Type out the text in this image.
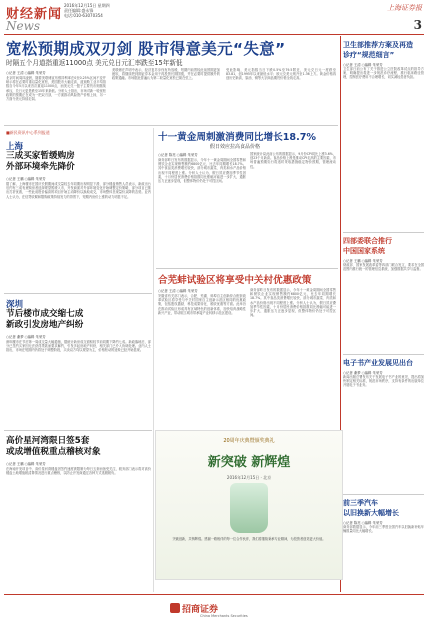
财经新闻
2016年12月15日 星期四
责任编辑:盛永锋
电话:010-63070354
上海证券报
News	3
宽松预期成双刃剑 股市得意美元“失意”
时隔五个月道指重返11000点 美元兑日元汇率跌至15年新低
○记者 王清 ○编辑 朱荣芳
北京时间周四凌晨，随着美联储宣布维持利率在0至0.25%区间不变并暗示将在必要时重启量化宽松，美国股市大幅走高，道琼斯工业平均指数自今年5月以来首次重返11000点，而美元兑一篮子主要货币则继续承压，兑日元更是跌至15年来新低。分析人士指出，市场对新一轮宽松政策的预期正在成为一把双刃剑，一方面推动风险资产价格上扬，另一方面令美元持续走弱。
美联储在声明中表示，经济复苏步伐有所放缓，短期内前景较此前预期更加疲软，将继续把到期证券本金用于再投资长期国债，并在必要时提供额外的政策通融。市场据此普遍认为第二轮量化宽松已箭在弦上。
受此影响，美元指数当日下跌0.5%至79.5附近，美元兑日元一度跌至83.81，创1995年以来最低水平；欧元兑美元则升至1.36上方。黄金价格再创历史新高，原油、铜等大宗商品期货价格全线走高。
■新民资讯中心系列报道
上海
三成买家暂缓购房
外部环境牵先降价
○记者 王鹏 ○编辑 朱荣芳
据了解，上海楼市在国庆长假期间成交量较去年同期出现明显下滑，部分楼盘销售人员表示，新政出台后约有三成有意购房者选择观望暂缓入市，开发商面对外部环境变化开始调整定价策略，部分项目已推出打折优惠，一些此前报价偏高的项目开始主动降价以换取成交，市场整体呈现量价双降的态势。业内人士认为，在信贷收紧和限购政策持续发力的背景下，短期内房价上涨的动力明显不足。
深圳
节后楼市成交缩七成
新政引发房地产纠纷
○记者 谢梦 ○编辑 朱荣芳
深圳楼市在节后第一周成交量大幅萎缩，据统计新房成交面积较节前同期下降约七成。新政落地后，部分已签约买家因无法获得贷款而要求解约，引发多起房地产纠纷，相关部门已介入协调处理。业内人士指出，市场在短期内仍将处于调整阶段，买卖双方均以观望为主，价格松动的迹象已经开始显现。
高价星河湾限日签5套
或成增值税重点稽核对象
○记者 王鹏 ○编辑 朱荣芳
在海南开发项目中，高价星河湾楼盘因签约速度被限制为每日五套而备受关注，税务部门表示将对高价楼盘土地增值税清算情况进行重点稽核，以防止开发商通过各种方式逃避税负。
十一黄金周刺激消费同比增长18.7%
假日效应拉高食品价格
○记者 陈亮 ○编辑 朱荣芳
商务部昨日发布的数据显示，今年十一黄金周期间全国零售和餐饮企业实现销售额约6800亿元，比去年同期增长18.7%。其中食品类消费增长较快，部分城市蔬菜、肉类和水产品价格出现不同程度上涨。分析人士认为，假日效应叠加季节性因素，十月份居民消费价格指数同比涨幅可能进一步扩大，通胀压力正逐步显现，但整体物价仍处于可控区间。
国家统计局此前公布的数据显示，9月份CPI同比上涨3.6%，创23个月新高。食品价格上涨是推动CPI走高的主要因素，市场普遍预期央行将适时采取措施稳定物价预期，管理流动性。
合芜蚌试验区将享受中关村优惠政策
○记者 王清 ○编辑 朱荣芳
安徽省有关部门表示，合肥、芜湖、蚌埠自主创新综合配套改革试验区将享受与中关村国家自主创新示范区相同的优惠政策，包括股权激励、科技成果转化、税收优惠等方面。此举旨在推动试验区形成具有区域特色的创新体系，加快培育战略性新兴产业，带动皖江城市带承接产业转移示范区建设。
商务部昨日发布的数据显示，今年十一黄金周期间全国零售和餐饮企业实现销售额约6800亿元，比去年同期增长18.7%。其中食品类消费增长较快，部分城市蔬菜、肉类和水产品价格出现不同程度上涨。分析人士认为，假日效应叠加季节性因素，十月份居民消费价格指数同比涨幅可能进一步扩大，通胀压力正逐步显现，但整体物价仍处于可控区间。
20周年庆典暨颁奖典礼
新突破 新辉煌
2016年12月15日 · 北京
突破创新，共铸辉煌。感谢一路相伴的每一位合作伙伴，我们将继续秉承专业精神，为投资者创造更大价值。
卫生部推荐方案及再造
诊疗“规范细言”
○记者 王清 ○编辑 朱荣芳
卫生部日前公布了关于推进公立医院改革试点的指导方案，明确提出将进一步规范诊疗流程，推行临床路径管理，控制医疗费用不合理增长，切实减轻患者负担。
四部委联合推行
中国国家系统
○记者 王鹏 ○编辑 朱荣芳
财政部、国家发展改革委等四部门联合发文，要求在全国范围内推行统一的管理信息系统，加强数据共享与监督。
电子书产业发展见出台
○记者 谢梦 ○编辑 朱荣芳
新闻出版总署发布关于发展电子书产业的意见，提出将加快制定相关标准，规范市场秩序，支持有条件的出版单位开展电子书业务。
前三季汽车
以旧换新大幅增长
○记者 陈亮 ○编辑 朱荣芳
商务部数据显示，今年前三季度全国汽车以旧换新补贴车辆数量同比大幅增长。
招商证券
China Merchants Securities
